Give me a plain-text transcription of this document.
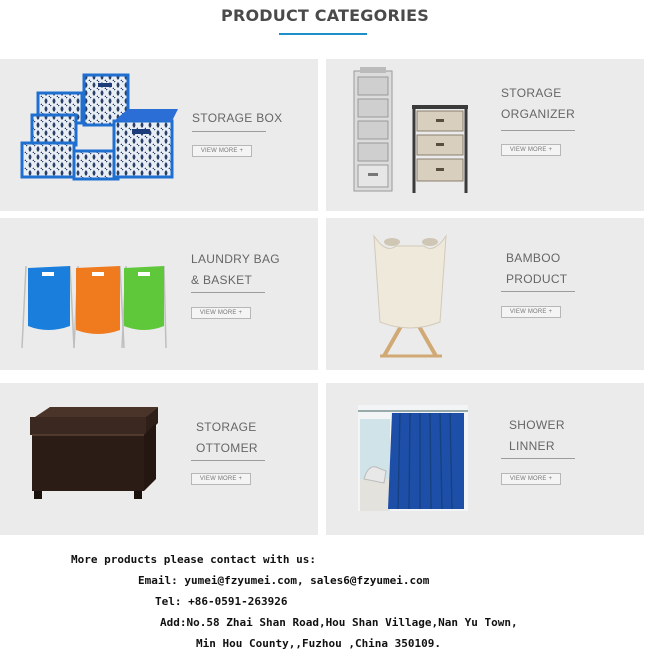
PRODUCT CATEGORIES
STORAGE BOX
VIEW MORE +
STORAGE
ORGANIZER
VIEW MORE +
LAUNDRY BAG
& BASKET
VIEW MORE +
BAMBOO
PRODUCT
VIEW MORE +
STORAGE
OTTOMER
VIEW MORE +
SHOWER
LINNER
VIEW MORE +
More products please contact with us:
Email: yumei@fzyumei.com, sales6@fzyumei.com
Tel: +86-0591-263926
Add:No.58 Zhai Shan Road,Hou Shan Village,Nan Yu Town,
Min Hou County,,Fuzhou ,China 350109.
